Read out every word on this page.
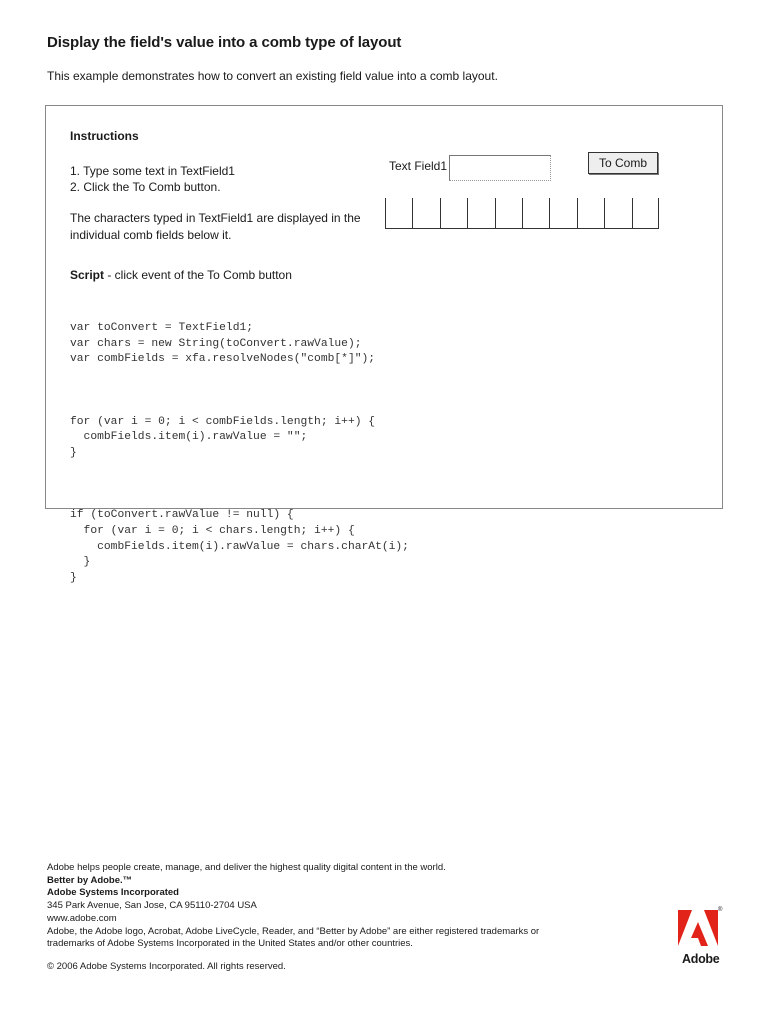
Display the field's value into a comb type of layout
This example demonstrates how to convert an existing field value into a comb layout.
Instructions
1. Type some text in TextField1
2. Click the To Comb button.
The characters typed in TextField1 are displayed in the individual comb fields below it.
Text Field1	To Comb
Script - click event of the To Comb button

var toConvert = TextField1;
var chars = new String(toConvert.rawValue);
var combFields = xfa.resolveNodes("comb[*]");

for (var i = 0; i < combFields.length; i++) {
combFields.item(i).rawValue = "";
}

if (toConvert.rawValue != null) {
for (var i = 0; i < chars.length; i++) {
combFields.item(i).rawValue = chars.charAt(i);
}
}

Adobe helps people create, manage, and deliver the highest quality digital content in the world.
Better by Adobe.™
Adobe Systems Incorporated
345 Park Avenue, San Jose, CA 95110-2704 USA
www.adobe.com
Adobe, the Adobe logo, Acrobat, Adobe LiveCycle, Reader, and “Better by Adobe” are either registered trademarks or trademarks of Adobe Systems Incorporated in the United States and/or other countries.
© 2006 Adobe Systems Incorporated. All rights reserved.
®
Adobe
